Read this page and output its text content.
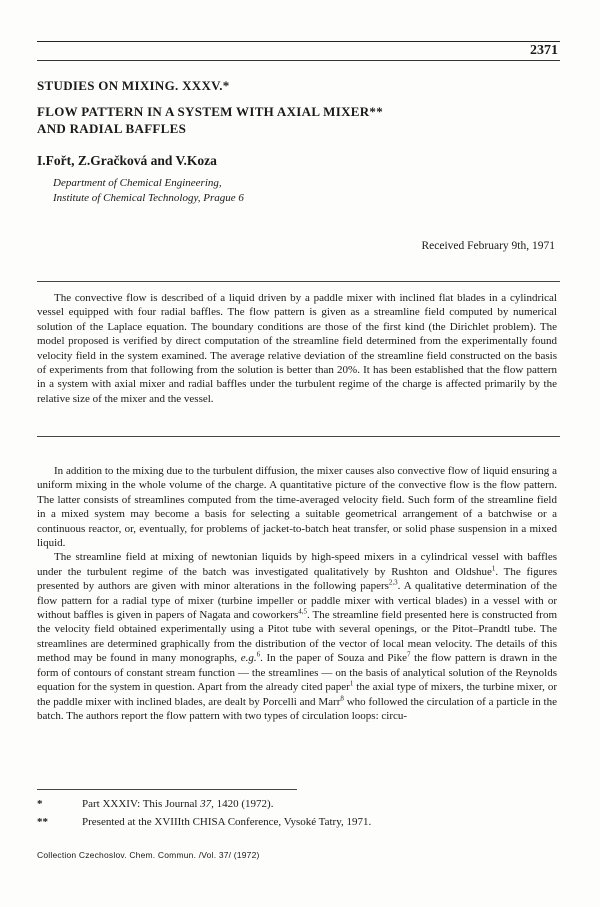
2371
STUDIES ON MIXING. XXXV.*
FLOW PATTERN IN A SYSTEM WITH AXIAL MIXER**
AND RADIAL BAFFLES
I.Fořt, Z.Gračková and V.Koza
Department of Chemical Engineering,
Institute of Chemical Technology, Prague 6
Received February 9th, 1971

The convective flow is described of a liquid driven by a paddle mixer with inclined flat blades in a cylindrical vessel equipped with four radial baffles. The flow pattern is given as a streamline field computed by numerical solution of the Laplace equation. The boundary conditions are those of the first kind (the Dirichlet problem). The model proposed is verified by direct computation of the streamline field determined from the experimentally found velocity field in the system examined. The average relative deviation of the streamline field constructed on the basis of experiments from that following from the solution is better than 20%. It has been established that the flow pattern in a system with axial mixer and radial baffles under the turbulent regime of the charge is affected primarily by the relative size of the mixer and the vessel.

In addition to the mixing due to the turbulent diffusion, the mixer causes also convective flow of liquid ensuring a uniform mixing in the whole volume of the charge. A quantitative picture of the convective flow is the flow pattern. The latter consists of streamlines computed from the time-averaged velocity field. Such form of the streamline field in a mixed system may become a basis for selecting a suitable geometrical arrangement of a batchwise or a continuous reactor, or, eventually, for problems of jacket-to-batch heat transfer, or solid phase suspension in a mixed liquid.

The streamline field at mixing of newtonian liquids by high-speed mixers in a cylindrical vessel with baffles under the turbulent regime of the batch was investigated qualitatively by Rushton and Oldshue$^1$. The figures presented by authors are given with minor alterations in the following papers$^{2,3}$. A qualitative determination of the flow pattern for a radial type of mixer (turbine impeller or paddle mixer with vertical blades) in a vessel with or without baffles is given in papers of Nagata and coworkers$^{4,5}$. The streamline field presented here is constructed from the velocity field obtained experimentally using a Pitot tube with several openings, or the Pitot–Prandtl tube. The streamlines are determined graphically from the distribution of the vector of local mean velocity. The details of this method may be found in many monographs, e.g.$^6$. In the paper of Souza and Pike$^7$ the flow pattern is drawn in the form of contours of constant stream function — the streamlines — on the basis of analytical solution of the Reynolds equation for the system in question. Apart from the already cited paper$^1$ the axial type of mixers, the turbine mixer, or the paddle mixer with inclined blades, are dealt by Porcelli and Marr$^8$ who followed the circulation of a particle in the batch. The authors report the flow pattern with two types of circulation loops: circu-

*	Part XXXIV: This Journal 37, 1420 (1972).
**	Presented at the XVIIIth CHISA Conference, Vysoké Tatry, 1971.
Collection Czechoslov. Chem. Commun. /Vol. 37/ (1972)
